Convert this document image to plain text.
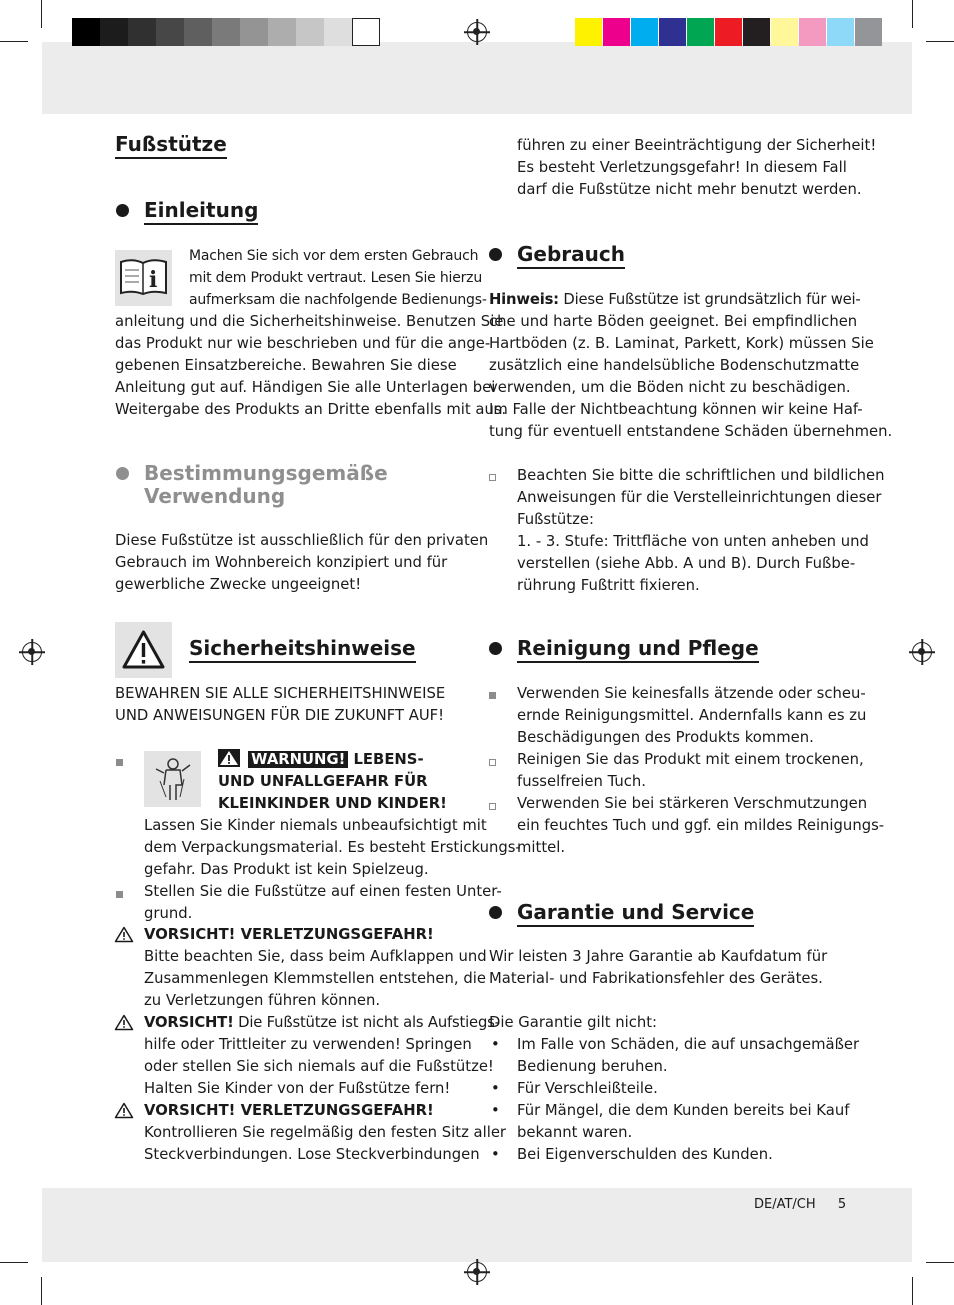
Fußstütze
Einleitung
i
Machen Sie sich vor dem ersten Gebrauch
mit dem Produkt vertraut. Lesen Sie hierzu
aufmerksam die nachfolgende Bedienungs-
anleitung und die Sicherheitshinweise. Benutzen Sie
das Produkt nur wie beschrieben und für die ange-
gebenen Einsatzbereiche. Bewahren Sie diese
Anleitung gut auf. Händigen Sie alle Unterlagen bei
Weitergabe des Produkts an Dritte ebenfalls mit aus.
Bestimmungsgemäße
Verwendung
Diese Fußstütze ist ausschließlich für den privaten
Gebrauch im Wohnbereich konzipiert und für
gewerbliche Zwecke ungeeignet!
Sicherheitshinweise
BEWAHREN SIE ALLE SICHERHEITSHINWEISE
UND ANWEISUNGEN FÜR DIE ZUKUNFT AUF!
WARNUNG! LEBENS-
UND UNFALLGEFAHR FÜR
KLEINKINDER UND KINDER!
Lassen Sie Kinder niemals unbeaufsichtigt mit
dem Verpackungsmaterial. Es besteht Erstickungs-
gefahr. Das Produkt ist kein Spielzeug.
Stellen Sie die Fußstütze auf einen festen Unter-
grund.
VORSICHT! VERLETZUNGSGEFAHR!
Bitte beachten Sie, dass beim Aufklappen und
Zusammenlegen Klemmstellen entstehen, die
zu Verletzungen führen können.
VORSICHT! Die Fußstütze ist nicht als Aufstiegs-
hilfe oder Trittleiter zu verwenden! Springen
oder stellen Sie sich niemals auf die Fußstütze!
Halten Sie Kinder von der Fußstütze fern!
VORSICHT! VERLETZUNGSGEFAHR!
Kontrollieren Sie regelmäßig den festen Sitz aller
Steckverbindungen. Lose Steckverbindungen
führen zu einer Beeinträchtigung der Sicherheit!
Es besteht Verletzungsgefahr! In diesem Fall
darf die Fußstütze nicht mehr benutzt werden.
Gebrauch
Hinweis: Diese Fußstütze ist grundsätzlich für wei-
che und harte Böden geeignet. Bei empfindlichen
Hartböden (z. B. Laminat, Parkett, Kork) müssen Sie
zusätzlich eine handelsübliche Bodenschutzmatte
verwenden, um die Böden nicht zu beschädigen.
Im Falle der Nichtbeachtung können wir keine Haf-
tung für eventuell entstandene Schäden übernehmen.
Beachten Sie bitte die schriftlichen und bildlichen
Anweisungen für die Verstelleinrichtungen dieser
Fußstütze:
1. - 3. Stufe: Trittfläche von unten anheben und
verstellen (siehe Abb. A und B). Durch Fußbe-
rührung Fußtritt fixieren.
Reinigung und Pflege
Verwenden Sie keinesfalls ätzende oder scheu-
ernde Reinigungsmittel. Andernfalls kann es zu
Beschädigungen des Produkts kommen.
Reinigen Sie das Produkt mit einem trockenen,
fusselfreien Tuch.
Verwenden Sie bei stärkeren Verschmutzungen
ein feuchtes Tuch und ggf. ein mildes Reinigungs-
mittel.
Garantie und Service
Wir leisten 3 Jahre Garantie ab Kaufdatum für
Material- und Fabrikationsfehler des Gerätes.
Die Garantie gilt nicht:
• Im Falle von Schäden, die auf unsachgemäßer
Bedienung beruhen.
• Für Verschleißteile.
• Für Mängel, die dem Kunden bereits bei Kauf
bekannt waren.
• Bei Eigenverschulden des Kunden.
DE/AT/CH 5
